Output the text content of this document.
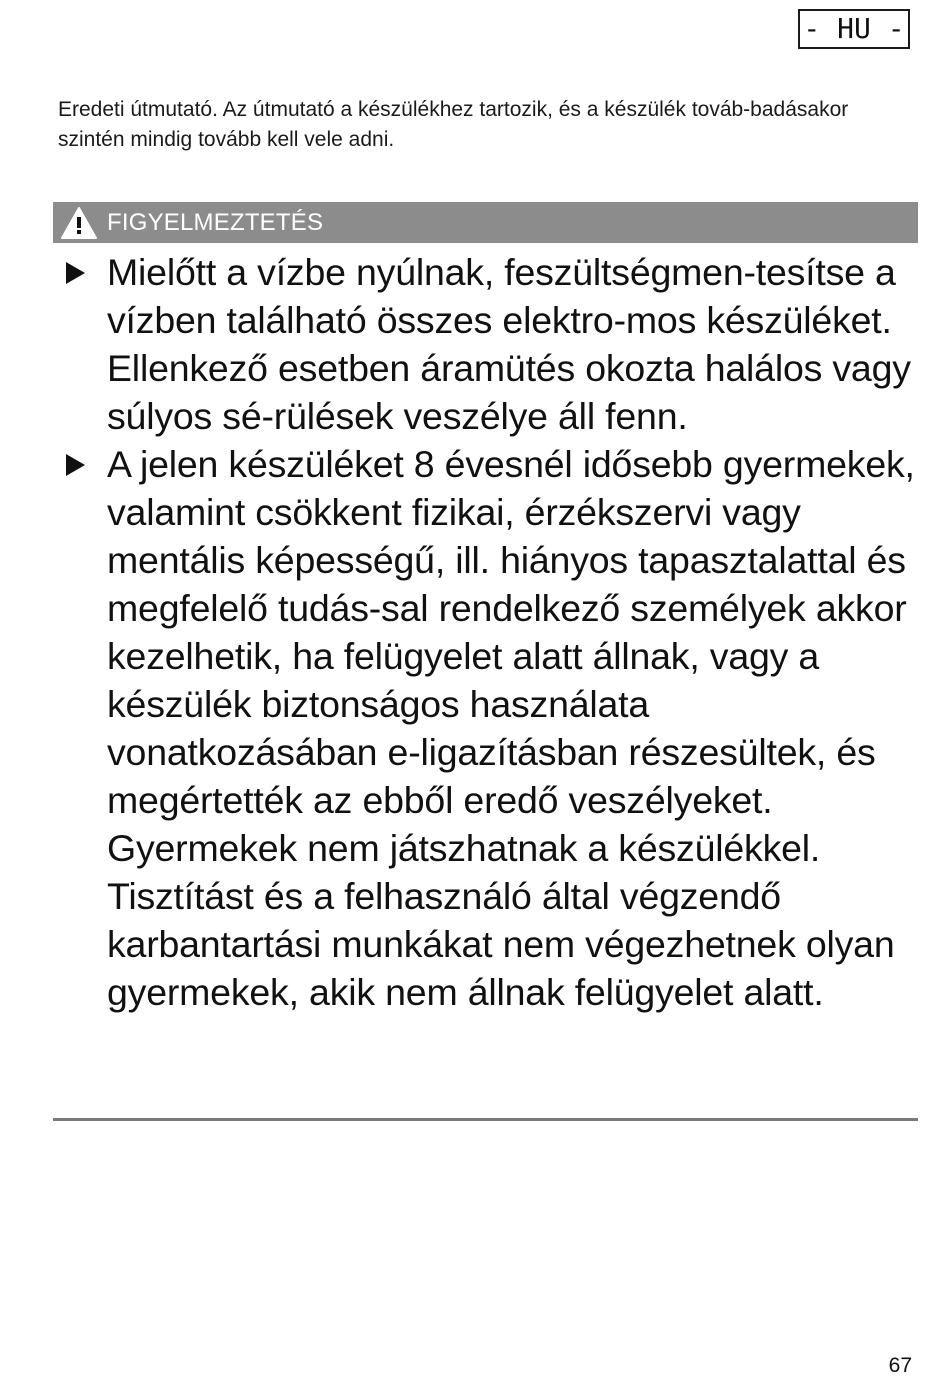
- HU -
Eredeti útmutató. Az útmutató a készülékhez tartozik, és a készülék továb-badásakor szintén mindig tovább kell vele adni.
FIGYELMEZTETÉS
Mielőtt a vízbe nyúlnak, feszültségmen-tesítse a vízben található összes elektro-mos készüléket. Ellenkező esetben áramütés okozta halálos vagy súlyos sé-rülések veszélye áll fenn.
A jelen készüléket 8 évesnél idősebb gyermekek, valamint csökkent fizikai, érzékszervi vagy mentális képességű, ill. hiányos tapasztalattal és megfelelő tudás-sal rendelkező személyek akkor kezelhetik, ha felügyelet alatt állnak, vagy a készülék biztonságos használata vonatkozásában e-ligazításban részesültek, és megértették az ebből eredő veszélyeket. Gyermekek nem játszhatnak a készülékkel. Tisztítást és a felhasználó által végzendő karbantartási munkákat nem végezhetnek olyan gyermekek, akik nem állnak felügyelet alatt.
67
